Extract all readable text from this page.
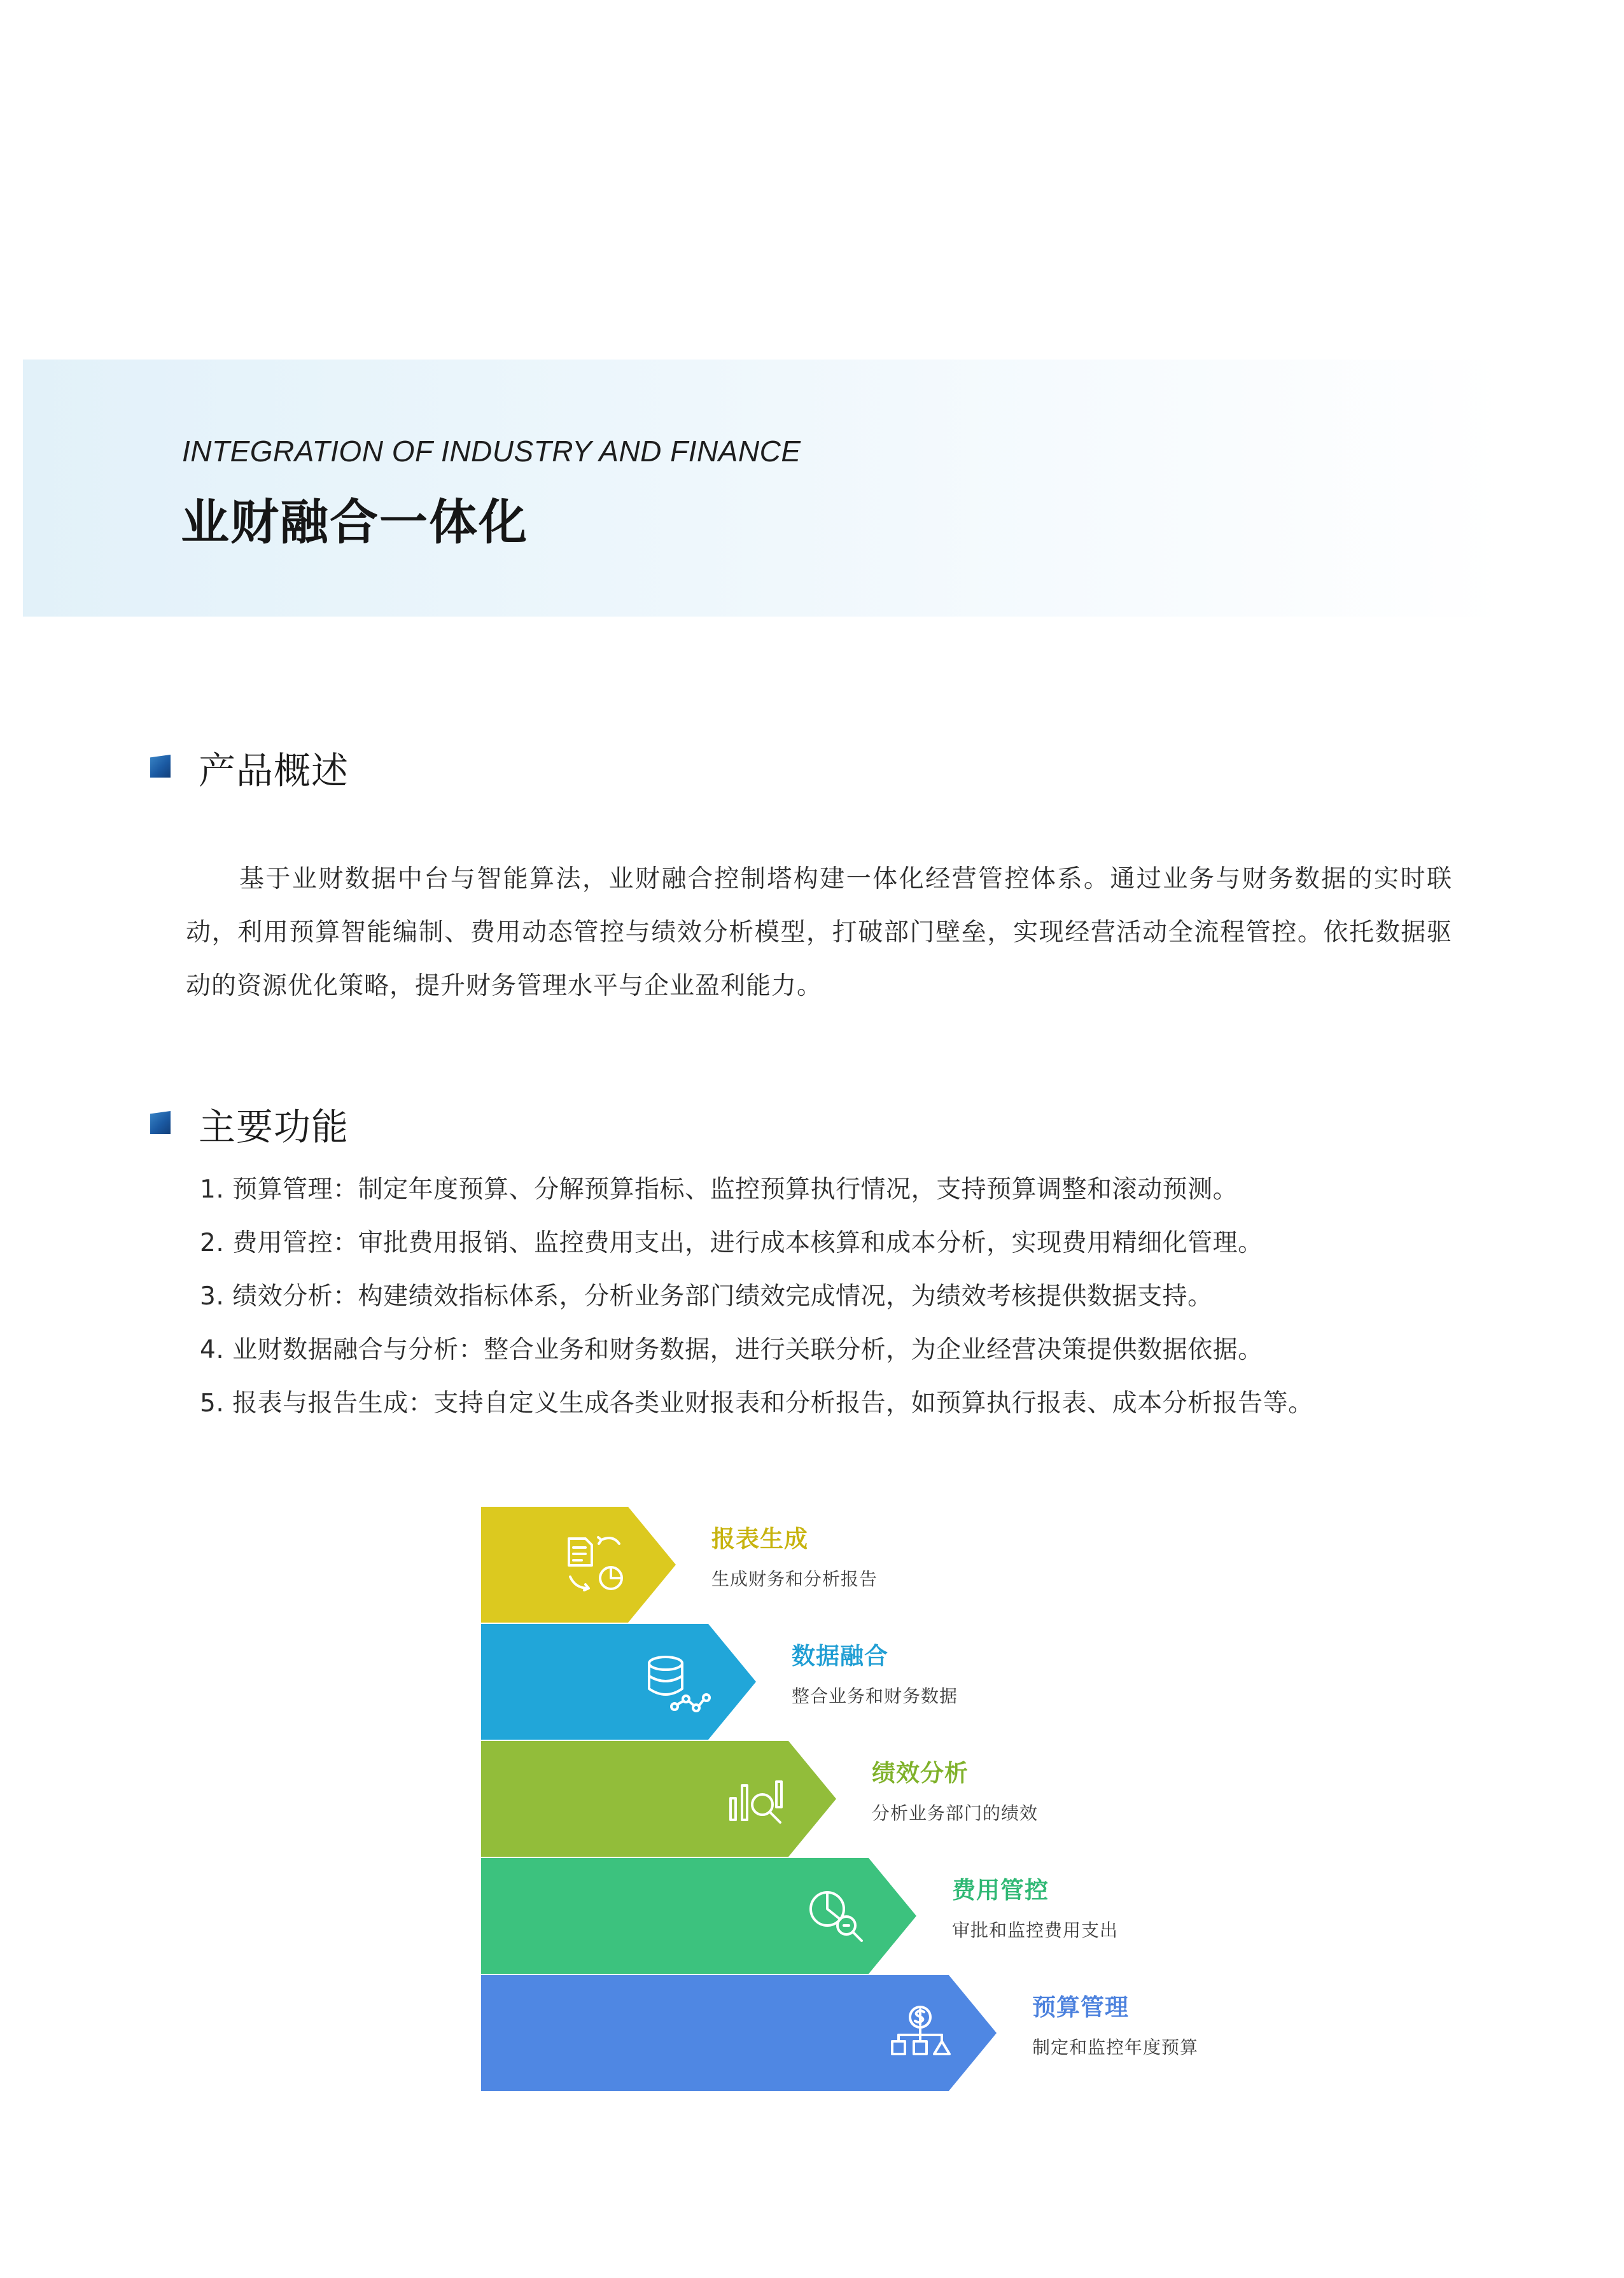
INTEGRATION OF INDUSTRY AND FINANCE
业财融合一体化
产品概述
基于业财数据中台与智能算法，业财融合控制塔构建一体化经营管控体系。通过业务与财务数据的实时联动，利用预算智能编制、费用动态管控与绩效分析模型，打破部门壁垒，实现经营活动全流程管控。依托数据驱动的资源优化策略，提升财务管理水平与企业盈利能力。
主要功能
1. 预算管理：制定年度预算、分解预算指标、监控预算执行情况，支持预算调整和滚动预测。
2. 费用管控：审批费用报销、监控费用支出，进行成本核算和成本分析，实现费用精细化管理。
3. 绩效分析：构建绩效指标体系，分析业务部门绩效完成情况，为绩效考核提供数据支持。
4. 业财数据融合与分析：整合业务和财务数据，进行关联分析，为企业经营决策提供数据依据。
5. 报表与报告生成：支持自定义生成各类业财报表和分析报告，如预算执行报表、成本分析报告等。
报表生成
生成财务和分析报告
数据融合
整合业务和财务数据
绩效分析
分析业务部门的绩效
费用管控
审批和监控费用支出
预算管理
制定和监控年度预算
